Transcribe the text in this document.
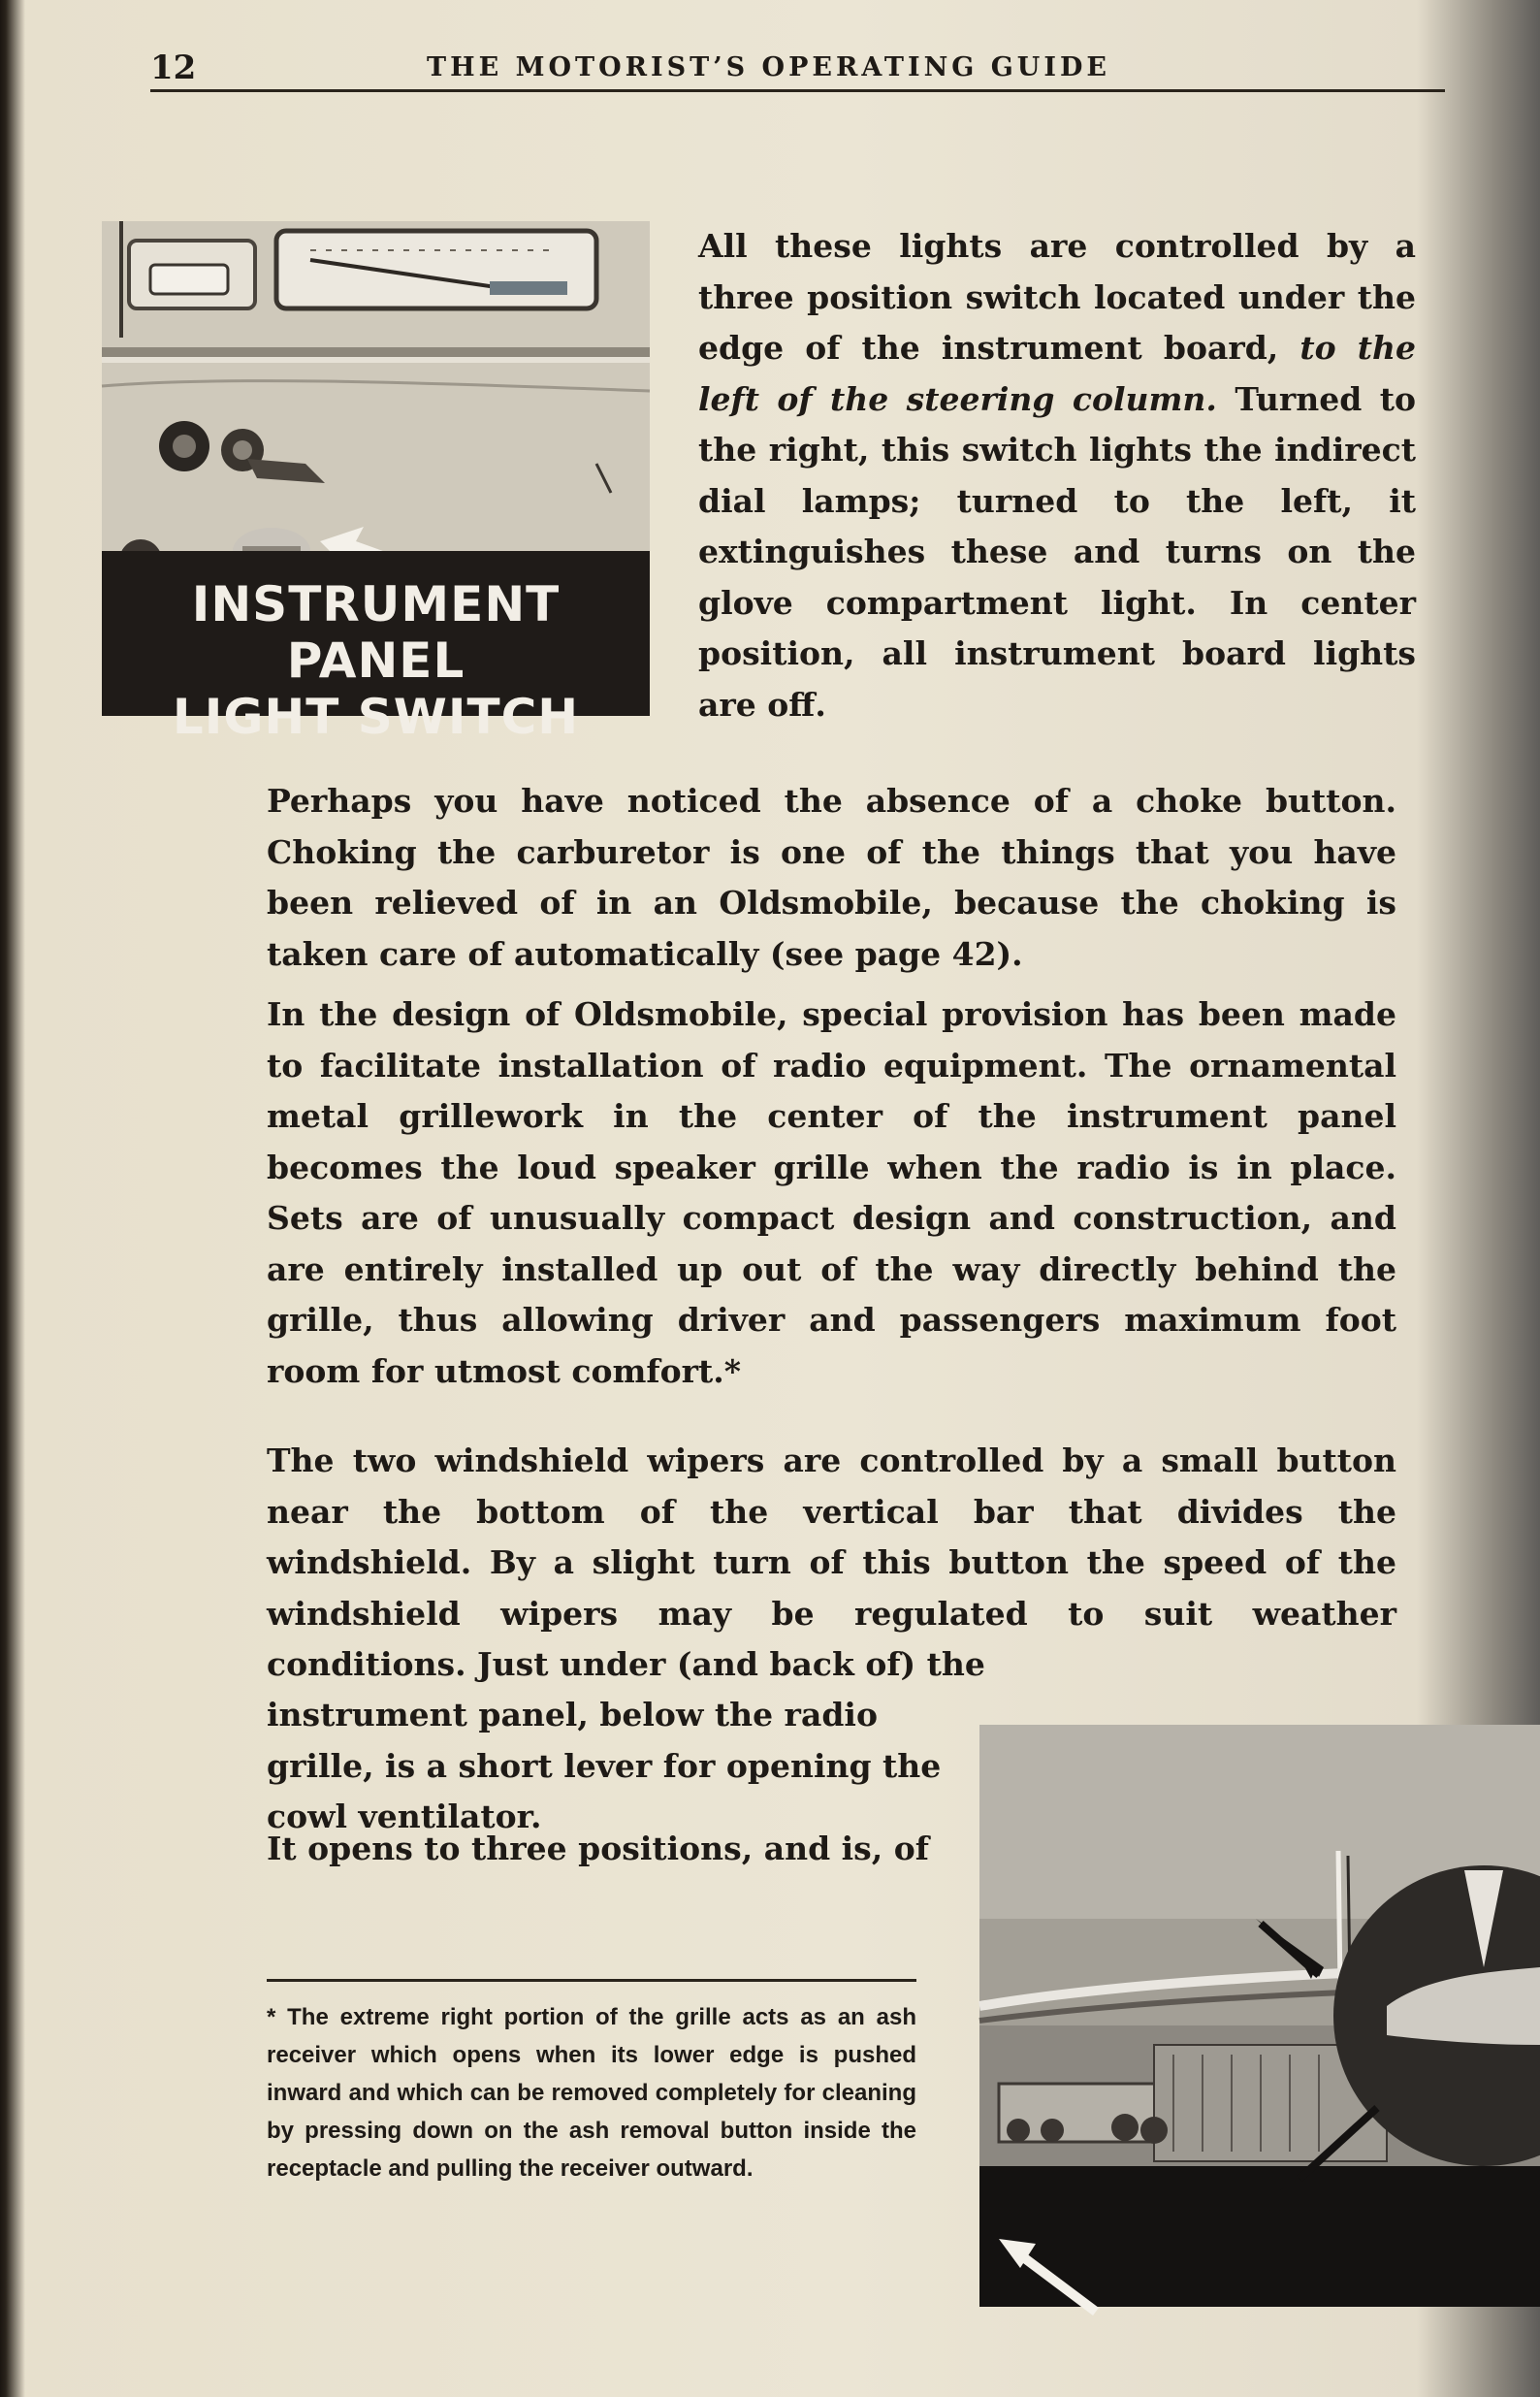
12	THE MOTORIST’S OPERATING GUIDE
INSTRUMENT PANEL
LIGHT SWITCH
All these lights are controlled by a three position switch located under the edge of the instrument board, to the left of the steering column. Turned to the right, this switch lights the indirect dial lamps; turned to the left, it extinguishes these and turns on the glove compartment light. In center position, all instrument board lights are off.
Perhaps you have noticed the absence of a choke button. Choking the carburetor is one of the things that you have been relieved of in an Oldsmobile, because the choking is taken care of automatically (see page 42).
In the design of Oldsmobile, special provision has been made to facilitate installation of radio equipment. The ornamental metal grillework in the center of the instrument panel becomes the loud speaker grille when the radio is in place. Sets are of unusually compact design and construction, and are entirely installed up out of the way directly behind the grille, thus allowing driver and passengers maximum foot room for utmost comfort.*
The two windshield wipers are controlled by a small button near the bottom of the vertical bar that divides the windshield. By a slight turn of this button the speed of the windshield wipers may be regulated to suit weather conditions. Just under (and back of) the
instrument panel, below the radio grille, is a short lever for opening the cowl ventilator.
It opens to three positions, and is, of
* The extreme right portion of the grille acts as an ash receiver which opens when its lower edge is pushed inward and which can be removed completely for cleaning by pressing down on the ash removal button inside the receptacle and pulling the receiver outward.
